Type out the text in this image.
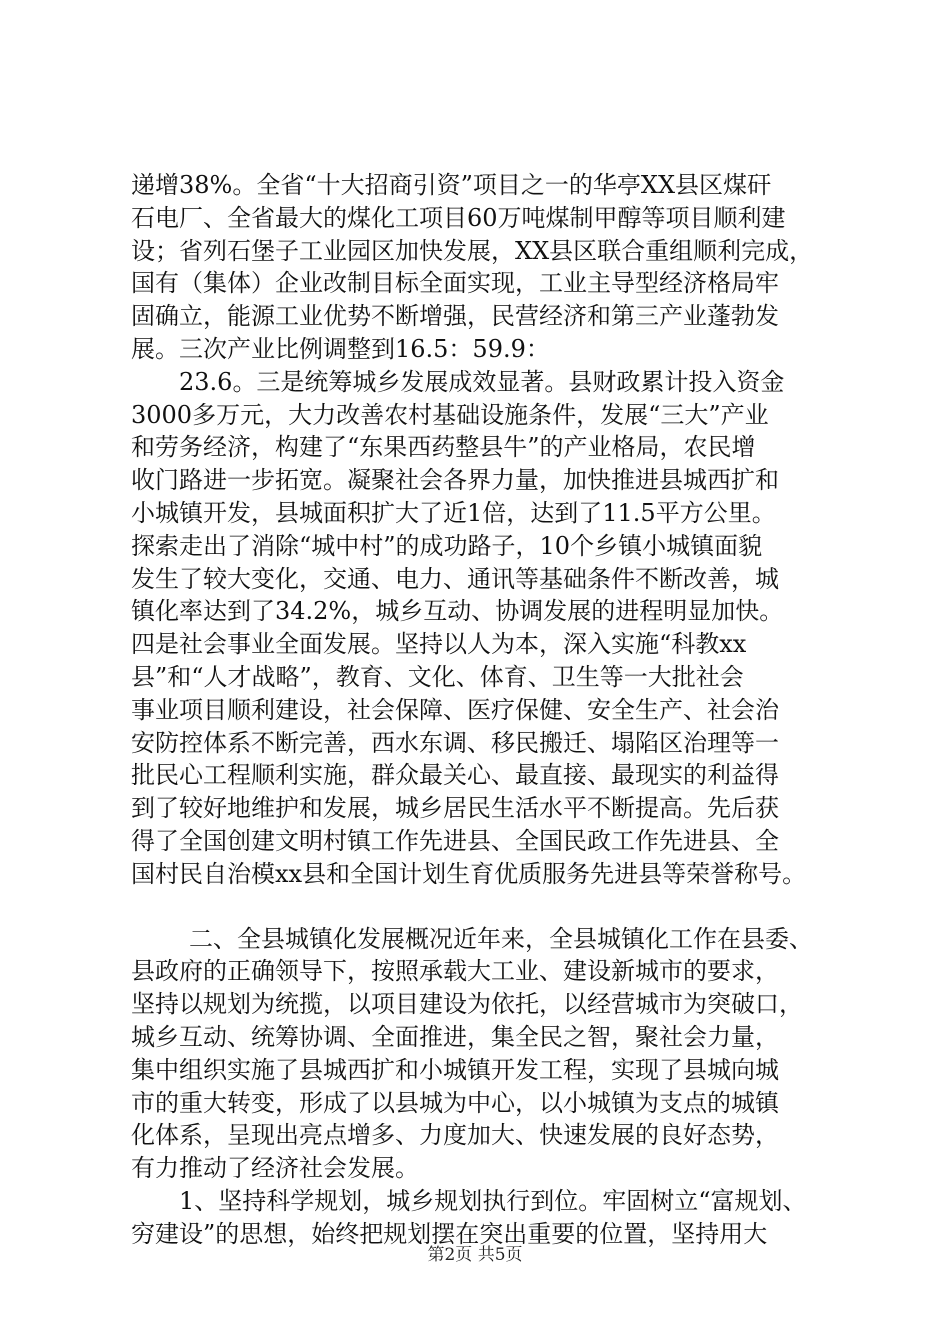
递增38%。全省“十大招商引资”项目之一的华亭XX县区煤矸
石电厂、全省最大的煤化工项目60万吨煤制甲醇等项目顺利建
设；省列石堡子工业园区加快发展，XX县区联合重组顺利完成，
国有（集体）企业改制目标全面实现，工业主导型经济格局牢
固确立，能源工业优势不断增强，民营经济和第三产业蓬勃发
展。三次产业比例调整到16.5：59.9：
23.6。三是统筹城乡发展成效显著。县财政累计投入资金
3000多万元，大力改善农村基础设施条件，发展“三大”产业
和劳务经济，构建了“东果西药整县牛”的产业格局，农民增
收门路进一步拓宽。凝聚社会各界力量，加快推进县城西扩和
小城镇开发，县城面积扩大了近1倍，达到了11.5平方公里。
探索走出了消除“城中村”的成功路子，10个乡镇小城镇面貌
发生了较大变化，交通、电力、通讯等基础条件不断改善，城
镇化率达到了34.2%，城乡互动、协调发展的进程明显加快。
四是社会事业全面发展。坚持以人为本，深入实施“科教xx
县”和“人才战略”，教育、文化、体育、卫生等一大批社会
事业项目顺利建设，社会保障、医疗保健、安全生产、社会治
安防控体系不断完善，西水东调、移民搬迁、塌陷区治理等一
批民心工程顺利实施，群众最关心、最直接、最现实的利益得
到了较好地维护和发展，城乡居民生活水平不断提高。先后获
得了全国创建文明村镇工作先进县、全国民政工作先进县、全
国村民自治模xx县和全国计划生育优质服务先进县等荣誉称号。
二、全县城镇化发展概况近年来，全县城镇化工作在县委、
县政府的正确领导下，按照承载大工业、建设新城市的要求，
坚持以规划为统揽，以项目建设为依托，以经营城市为突破口，
城乡互动、统筹协调、全面推进，集全民之智，聚社会力量，
集中组织实施了县城西扩和小城镇开发工程，实现了县城向城
市的重大转变，形成了以县城为中心，以小城镇为支点的城镇
化体系，呈现出亮点增多、力度加大、快速发展的良好态势，
有力推动了经济社会发展。
1、坚持科学规划，城乡规划执行到位。牢固树立“富规划、
穷建设”的思想，始终把规划摆在突出重要的位置，坚持用大
第2页 共5页
